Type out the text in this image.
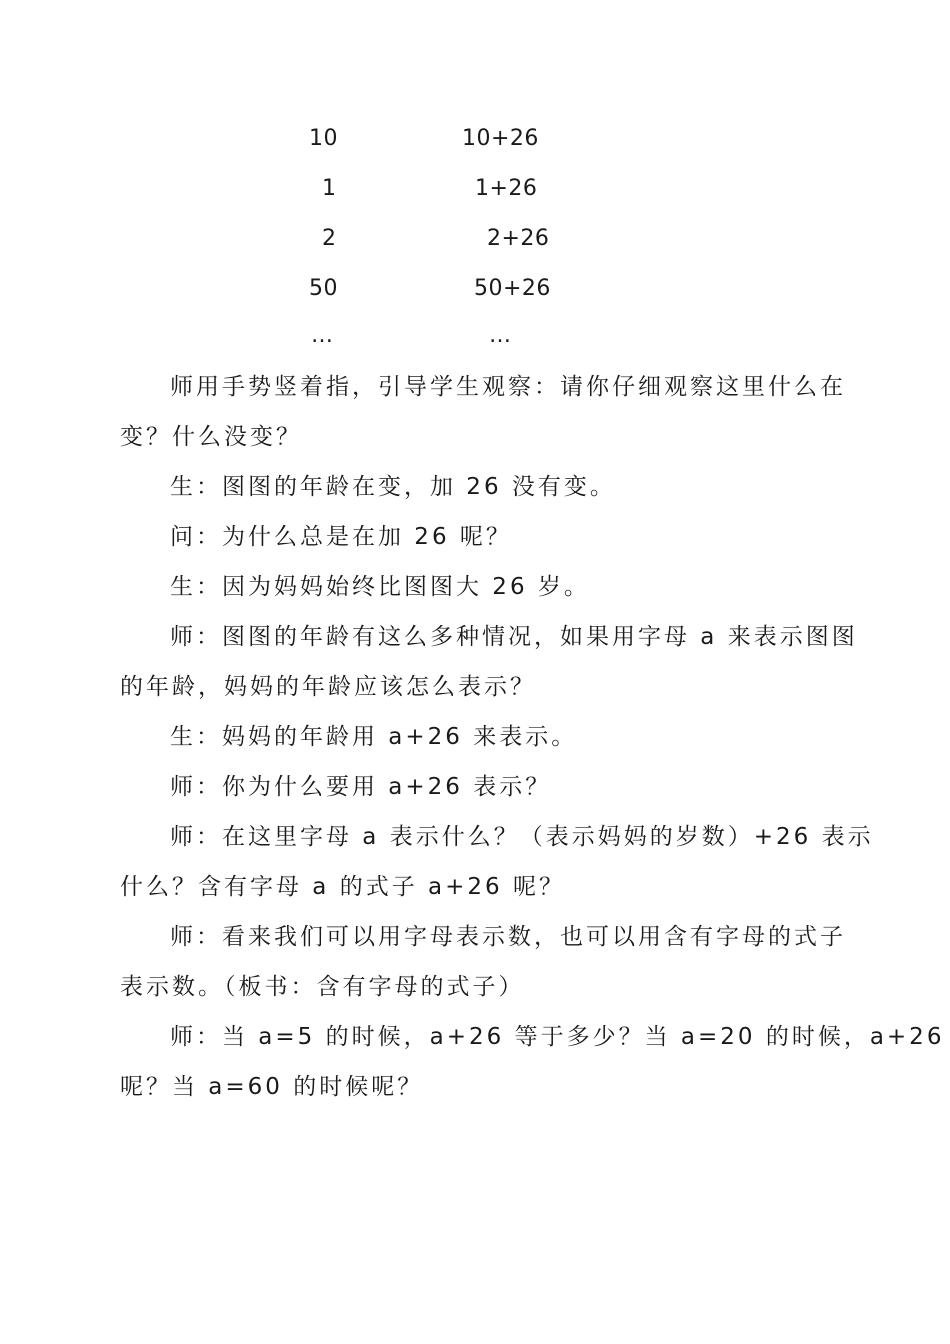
10	10+26
1	1+26
2	2+26
50	50+26
…	…
师用手势竖着指，引导学生观察：请你仔细观察这里什么在
变？什么没变？
生：图图的年龄在变，加 26 没有变。
问：为什么总是在加 26 呢？
生：因为妈妈始终比图图大 26 岁。
师：图图的年龄有这么多种情况，如果用字母 a 来表示图图
的年龄，妈妈的年龄应该怎么表示？
生：妈妈的年龄用 a+26 来表示。
师：你为什么要用 a+26 表示？
师：在这里字母 a 表示什么？（表示妈妈的岁数）+26 表示
什么？含有字母 a 的式子 a+26 呢？
师：看来我们可以用字母表示数，也可以用含有字母的式子
表示数。（板书：含有字母的式子）
师：当 a=5 的时候，a+26 等于多少？当 a=20 的时候，a+26
呢？当 a=60 的时候呢？
